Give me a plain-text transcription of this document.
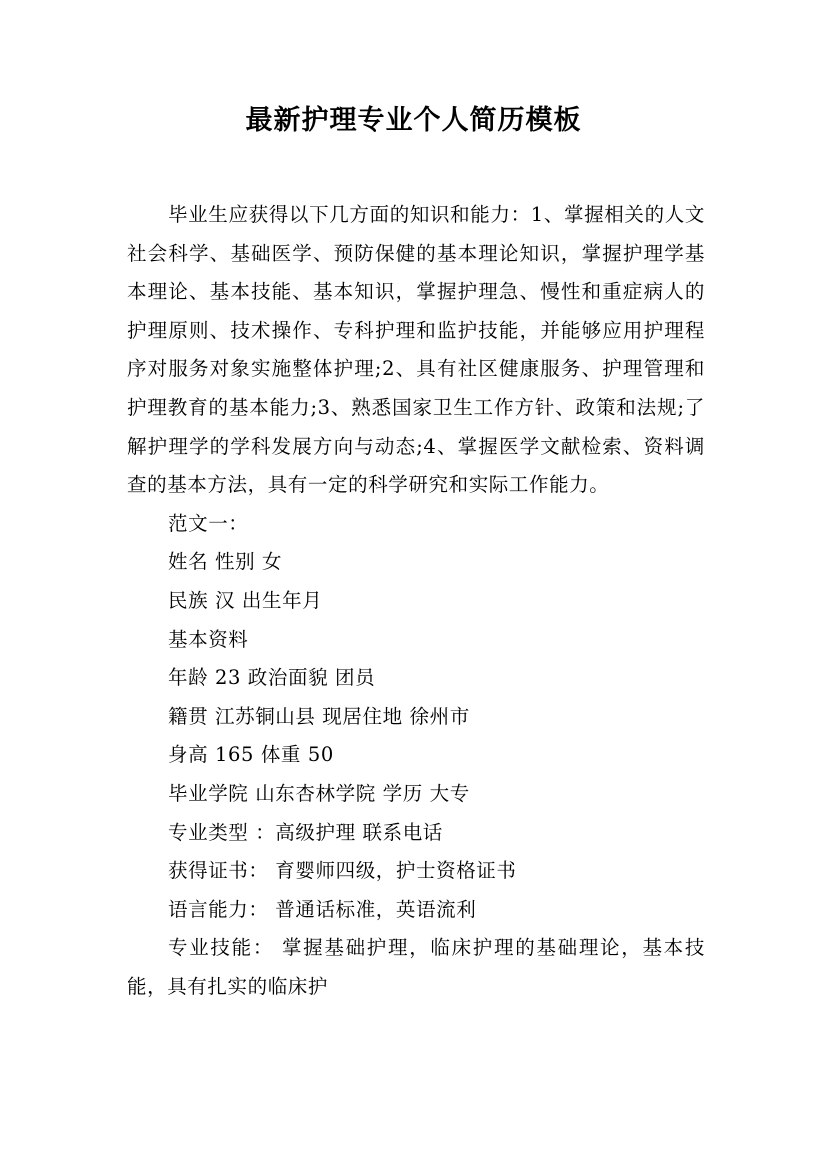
最新护理专业个人简历模板

毕业生应获得以下几方面的知识和能力：1、掌握相关的人文社会科学、基础医学、预防保健的基本理论知识，掌握护理学基本理论、基本技能、基本知识，掌握护理急、慢性和重症病人的护理原则、技术操作、专科护理和监护技能，并能够应用护理程序对服务对象实施整体护理;2、具有社区健康服务、护理管理和护理教育的基本能力;3、熟悉国家卫生工作方针、政策和法规;了解护理学的学科发展方向与动态;4、掌握医学文献检索、资料调查的基本方法，具有一定的科学研究和实际工作能力。

范文一：

姓名 性别 女

民族 汉 出生年月

基本资料

年龄 23 政治面貌 团员

籍贯 江苏铜山县 现居住地 徐州市

身高 165 体重 50

毕业学院 山东杏林学院 学历 大专

专业类型 ：高级护理 联系电话

获得证书： 育婴师四级，护士资格证书

语言能力： 普通话标准，英语流利

专业技能： 掌握基础护理，临床护理的基础理论，基本技能，具有扎实的临床护
